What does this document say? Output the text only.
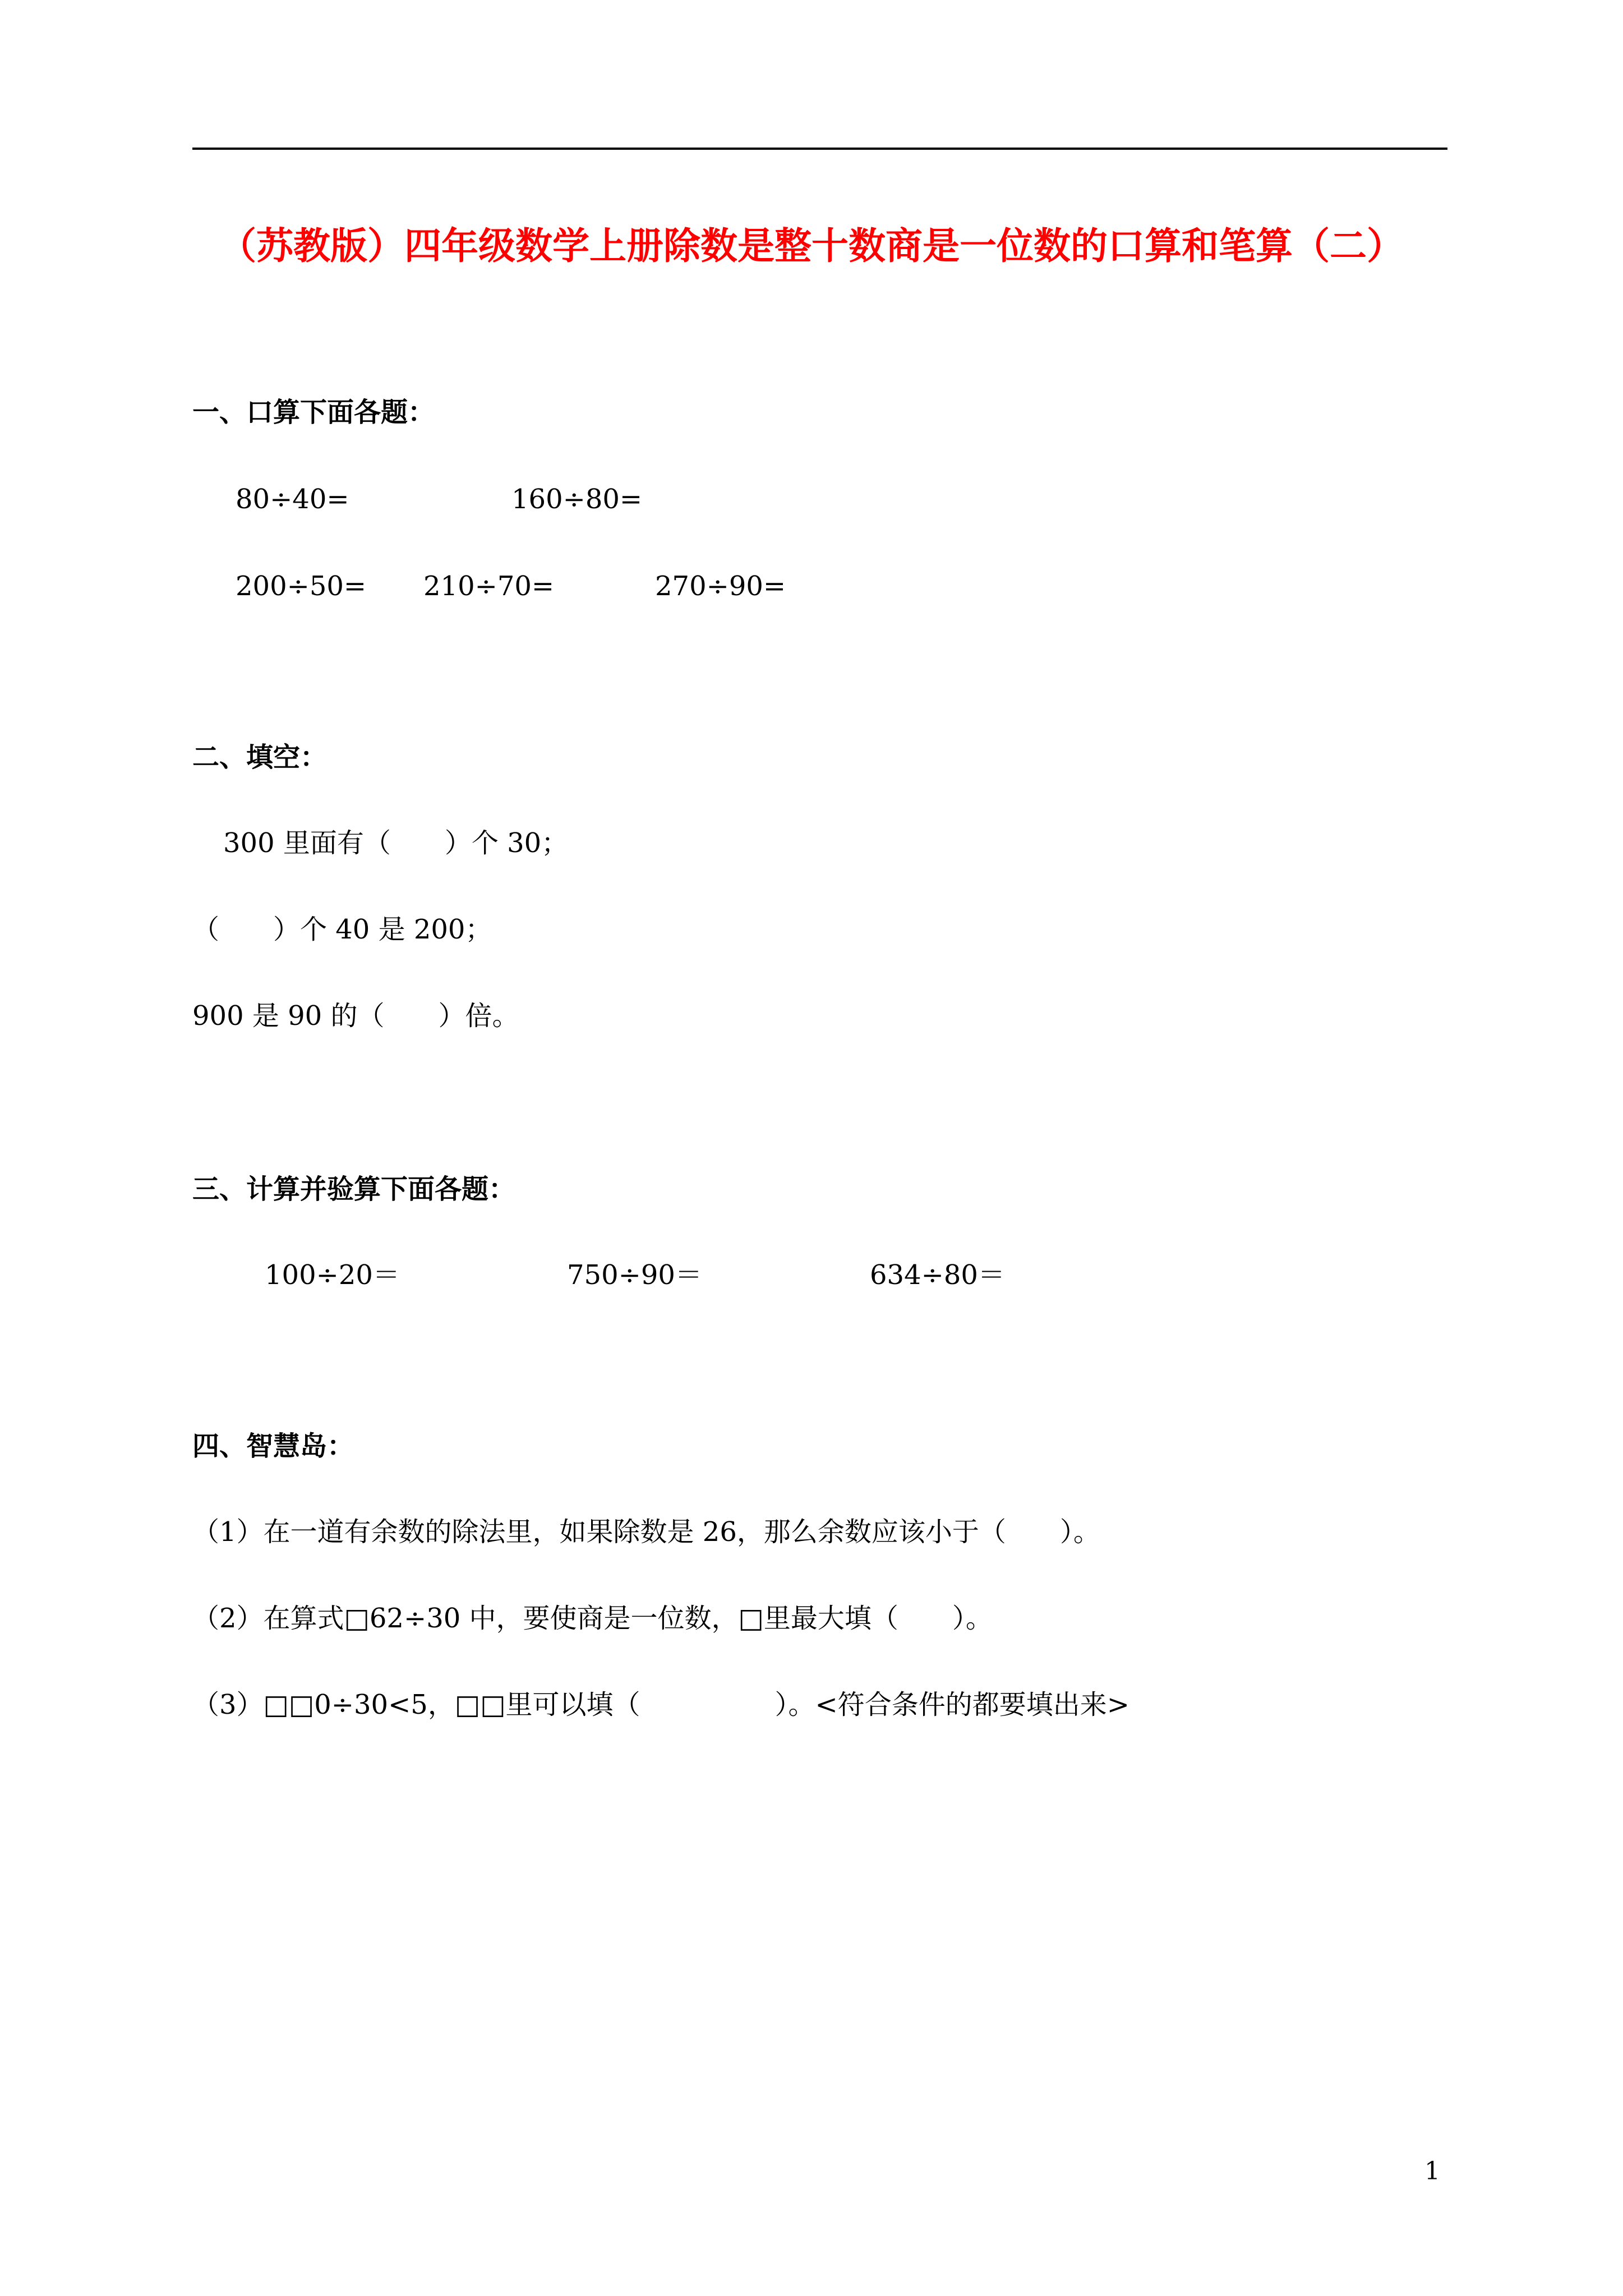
（苏教版）四年级数学上册除数是整十数商是一位数的口算和笔算（二）
一、口算下面各题：
80÷40=	160÷80=
200÷50= 210÷70=	270÷90=
二、填空：
300 里面有（　　）个 30；
（　　）个 40 是 200；
900 是 90 的（　　）倍。
三、计算并验算下面各题：
100÷20＝	750÷90＝	634÷80＝
四、智慧岛：
（1）在一道有余数的除法里，如果除数是 26，那么余数应该小于（　　）。
（2）在算式□62÷30 中，要使商是一位数，□里最大填（　　）。
（3）□□0÷30<5，□□里可以填（　　　　　）。<符合条件的都要填出来>
1
